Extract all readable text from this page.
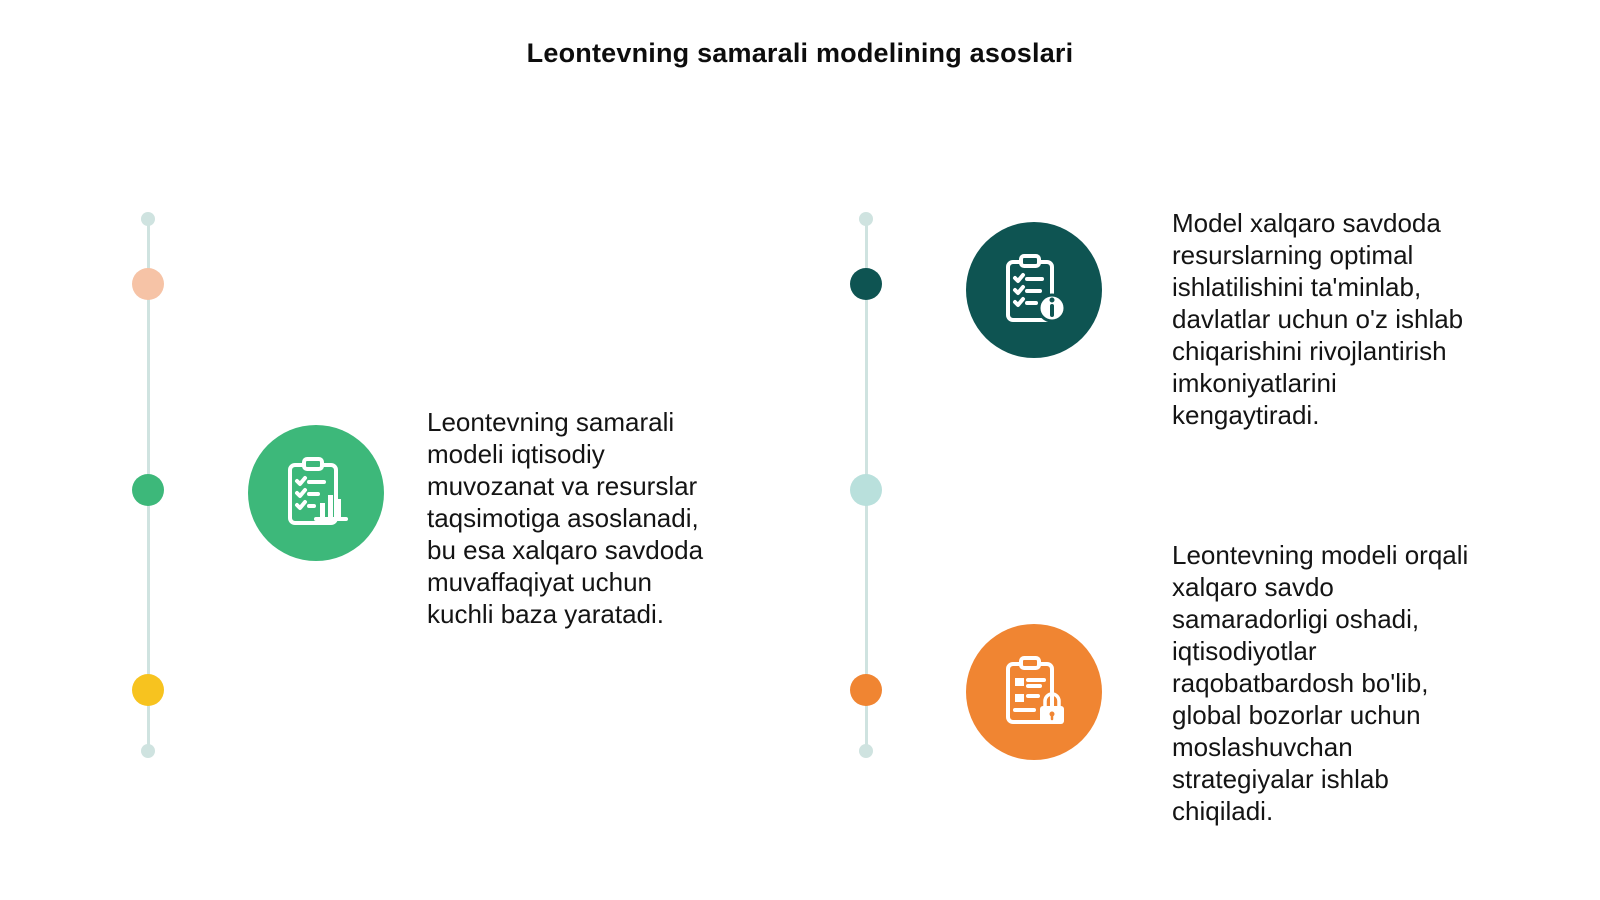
Leontevning samarali modelining asoslari
Leontevning samarali
modeli iqtisodiy
muvozanat va resurslar
taqsimotiga asoslanadi,
bu esa xalqaro savdoda
muvaffaqiyat uchun
kuchli baza yaratadi.
Model xalqaro savdoda
resurslarning optimal
ishlatilishini ta'minlab,
davlatlar uchun o'z ishlab
chiqarishini rivojlantirish
imkoniyatlarini
kengaytiradi.
Leontevning modeli orqali
xalqaro savdo
samaradorligi oshadi,
iqtisodiyotlar
raqobatbardosh bo'lib,
global bozorlar uchun
moslashuvchan
strategiyalar ishlab
chiqiladi.
